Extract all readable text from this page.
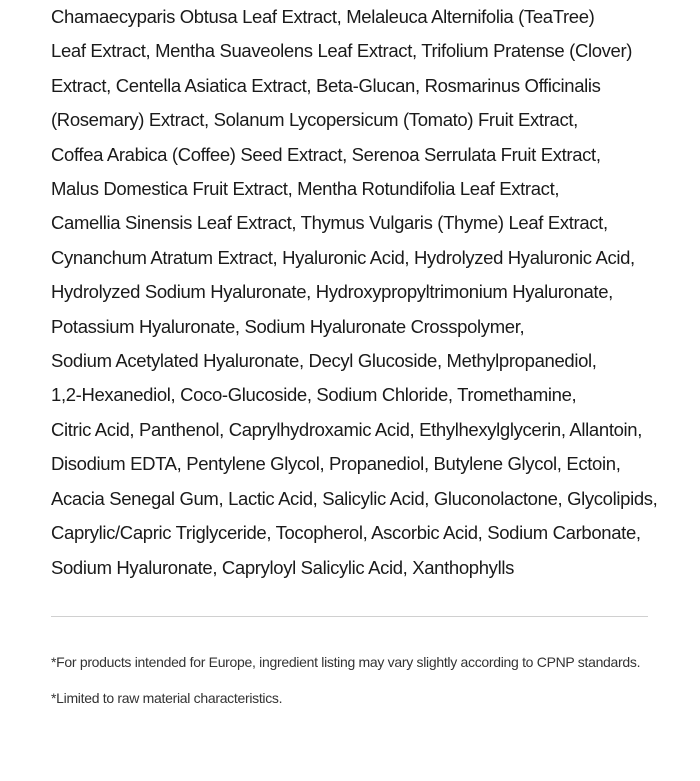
Chamaecyparis Obtusa Leaf Extract, Melaleuca Alternifolia (TeaTree)
Leaf Extract, Mentha Suaveolens Leaf Extract, Trifolium Pratense (Clover)
Extract, Centella Asiatica Extract, Beta-Glucan, Rosmarinus Officinalis
(Rosemary) Extract, Solanum Lycopersicum (Tomato) Fruit Extract,
Coffea Arabica (Coffee) Seed Extract, Serenoa Serrulata Fruit Extract,
Malus Domestica Fruit Extract, Mentha Rotundifolia Leaf Extract,
Camellia Sinensis Leaf Extract, Thymus Vulgaris (Thyme) Leaf Extract,
Cynanchum Atratum Extract, Hyaluronic Acid, Hydrolyzed Hyaluronic Acid,
Hydrolyzed Sodium Hyaluronate, Hydroxypropyltrimonium Hyaluronate,
Potassium Hyaluronate, Sodium Hyaluronate Crosspolymer,
Sodium Acetylated Hyaluronate, Decyl Glucoside, Methylpropanediol,
1,2-Hexanediol, Coco-Glucoside, Sodium Chloride, Tromethamine,
Citric Acid, Panthenol, Caprylhydroxamic Acid, Ethylhexylglycerin, Allantoin,
Disodium EDTA, Pentylene Glycol, Propanediol, Butylene Glycol, Ectoin,
Acacia Senegal Gum, Lactic Acid, Salicylic Acid, Gluconolactone, Glycolipids,
Caprylic/Capric Triglyceride, Tocopherol, Ascorbic Acid, Sodium Carbonate,
Sodium Hyaluronate, Capryloyl Salicylic Acid, Xanthophylls
*For products intended for Europe, ingredient listing may vary slightly according to CPNP standards.
*Limited to raw material characteristics.
